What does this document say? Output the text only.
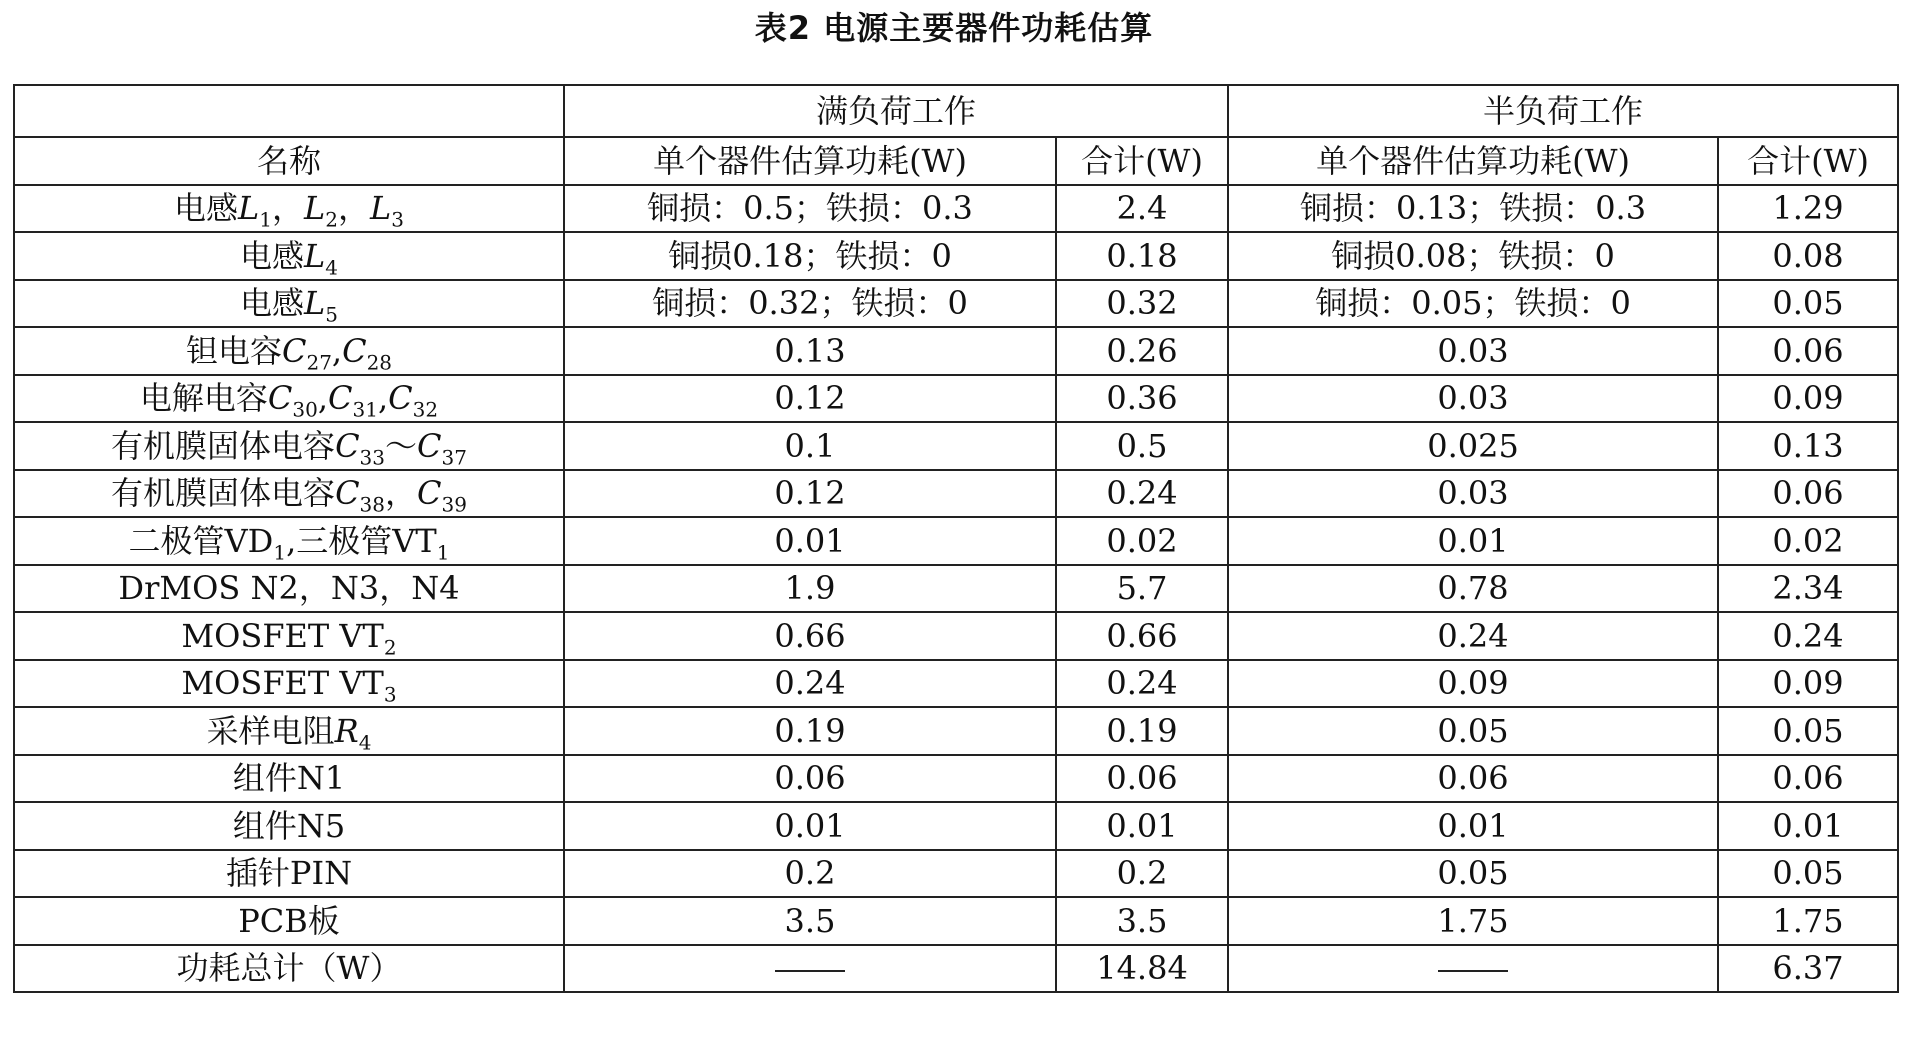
表2 电源主要器件功耗估算
	满负荷工作		半负荷工作	
名称	单个器件估算功耗(W)	合计(W)	单个器件估算功耗(W)	合计(W)
电感$L_1$，$L_2$，$L_3$	铜损：0.5；铁损：0.3	2.4	铜损：0.13；铁损：0.3	1.29
电感$L_4$	铜损0.18；铁损：0	0.18	铜损0.08；铁损：0	0.08
电感$L_5$	铜损：0.32；铁损：0	0.32	铜损：0.05；铁损：0	0.05
钽电容$C_{27},C_{28}$	0.13	0.26	0.03	0.06
电解电容$C_{30},C_{31},C_{32}$	0.12	0.36	0.03	0.09
有机膜固体电容$C_{33}\sim C_{37}$	0.1	0.5	0.025	0.13
有机膜固体电容$C_{38}$，$C_{39}$	0.12	0.24	0.03	0.06
二极管$VD_1$,三极管$VT_1$	0.01	0.02	0.01	0.02
DrMOS N2，N3，N4	1.9	5.7	0.78	2.34
MOSFET $VT_2$	0.66	0.66	0.24	0.24
MOSFET $VT_3$	0.24	0.24	0.09	0.09
采样电阻$R_4$	0.19	0.19	0.05	0.05
组件N1	0.06	0.06	0.06	0.06
组件N5	0.01	0.01	0.01	0.01
插针PIN	0.2	0.2	0.05	0.05
PCB板	3.5	3.5	1.75	1.75
功耗总计（W）		14.84		6.37
